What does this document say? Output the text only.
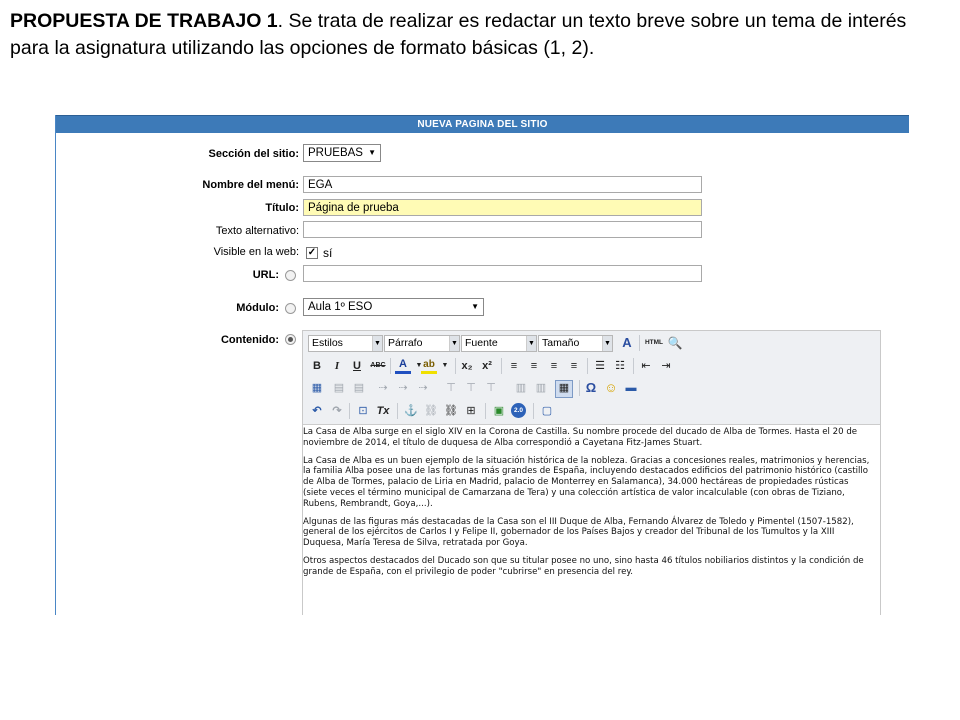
PROPUESTA DE TRABAJO 1. Se trata de realizar es redactar un texto breve sobre un tema de interés para la asignatura utilizando las opciones de formato básicas (1, 2).
NUEVA PAGINA DEL SITIO
Sección del sitio: PRUEBAS ▼
Nombre del menú: EGA
Título: Página de prueba
Texto alternativo:
Visible en la web: ✓ sí
URL:
Módulo:	Aula 1º ESO	▼
Contenido:	Estilos	▼ Párrafo	▼ Fuente	▼ Tamaño	▼ A	HTML 🔍
B	I	U	ABC	A	▼ ab ▼	x₂ x²	≡	≡	≡	≡	☰ ☷	⇤ ⇥
▦ ▤ ▤	⇢ ⇢ ⇢	⊤ ⊤ ⊤ ▥ ▥	▦ Ω ☺ ▬
↶ ↷	⊡ Tx ⚓ ⛓ ⛓ ⊞	▣	2.0 ▢

La Casa de Alba surge en el siglo XIV en la Corona de Castilla. Su nombre procede del ducado de Alba de Tormes. Hasta el 20 de noviembre de 2014, el título de duquesa de Alba correspondió a Cayetana Fitz-James Stuart.

La Casa de Alba es un buen ejemplo de la situación histórica de la nobleza. Gracias a concesiones reales, matrimonios y herencias, la familia Alba posee una de las fortunas más grandes de España, incluyendo destacados edificios del patrimonio histórico (castillo de Alba de Tormes, palacio de Liria en Madrid, palacio de Monterrey en Salamanca), 34.000 hectáreas de propiedades rústicas (siete veces el término municipal de Camarzana de Tera) y una colección artística de valor incalculable (con obras de Tiziano, Rubens, Rembrandt, Goya,...).

Algunas de las figuras más destacadas de la Casa son el III Duque de Alba, Fernando Álvarez de Toledo y Pimentel (1507-1582), general de los ejércitos de Carlos I y Felipe II, gobernador de los Países Bajos y creador del Tribunal de los Tumultos y la XIII Duquesa, María Teresa de Silva, retratada por Goya.

Otros aspectos destacados del Ducado son que su titular posee no uno, sino hasta 46 títulos nobiliarios distintos y la condición de grande de España, con el privilegio de poder "cubrirse" en presencia del rey.
